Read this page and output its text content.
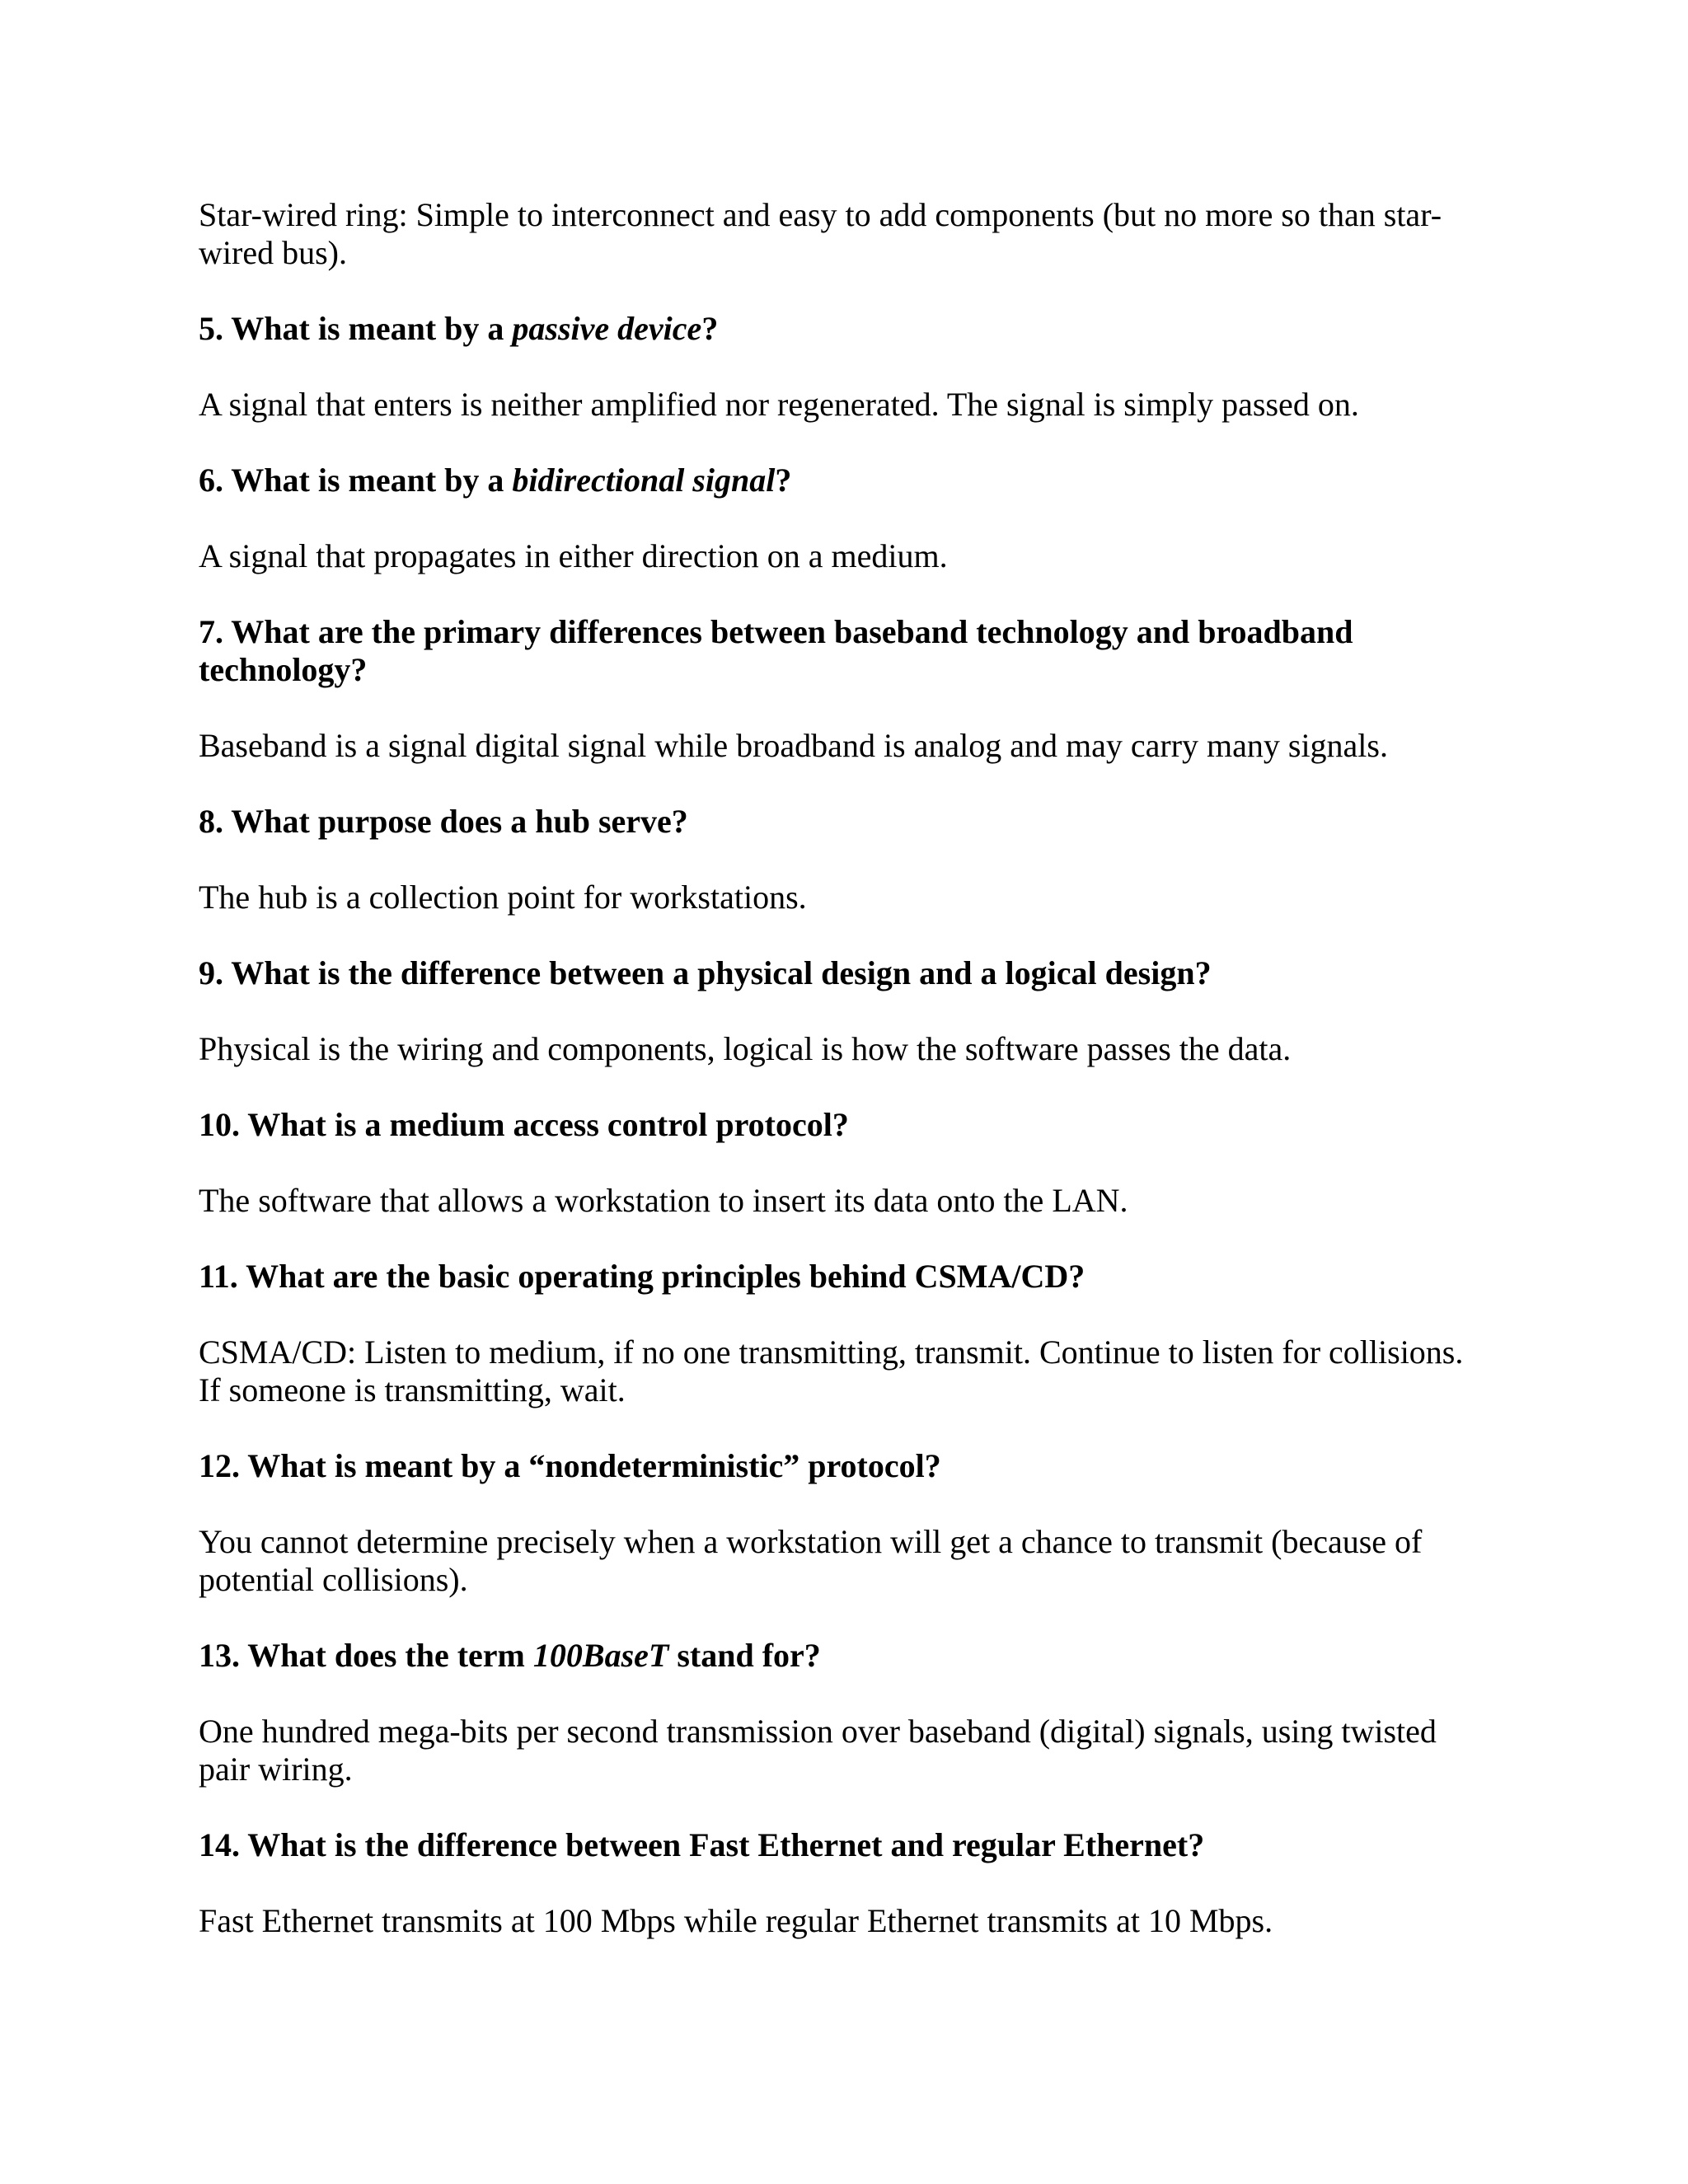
Star-wired ring: Simple to interconnect and easy to add components (but no more so than star-wired bus).

5. What is meant by a passive device?

A signal that enters is neither amplified nor regenerated. The signal is simply passed on.

6. What is meant by a bidirectional signal?

A signal that propagates in either direction on a medium.

7. What are the primary differences between baseband technology and broadband technology?

Baseband is a signal digital signal while broadband is analog and may carry many signals.

8. What purpose does a hub serve?

The hub is a collection point for workstations.

9. What is the difference between a physical design and a logical design?

Physical is the wiring and components, logical is how the software passes the data.

10. What is a medium access control protocol?

The software that allows a workstation to insert its data onto the LAN.

11. What are the basic operating principles behind CSMA/CD?

CSMA/CD: Listen to medium, if no one transmitting, transmit. Continue to listen for collisions. If someone is transmitting, wait.

12. What is meant by a “nondeterministic” protocol?

You cannot determine precisely when a workstation will get a chance to transmit (because of potential collisions).

13. What does the term 100BaseT stand for?

One hundred mega-bits per second transmission over baseband (digital) signals, using twisted pair wiring.

14. What is the difference between Fast Ethernet and regular Ethernet?

Fast Ethernet transmits at 100 Mbps while regular Ethernet transmits at 10 Mbps.
